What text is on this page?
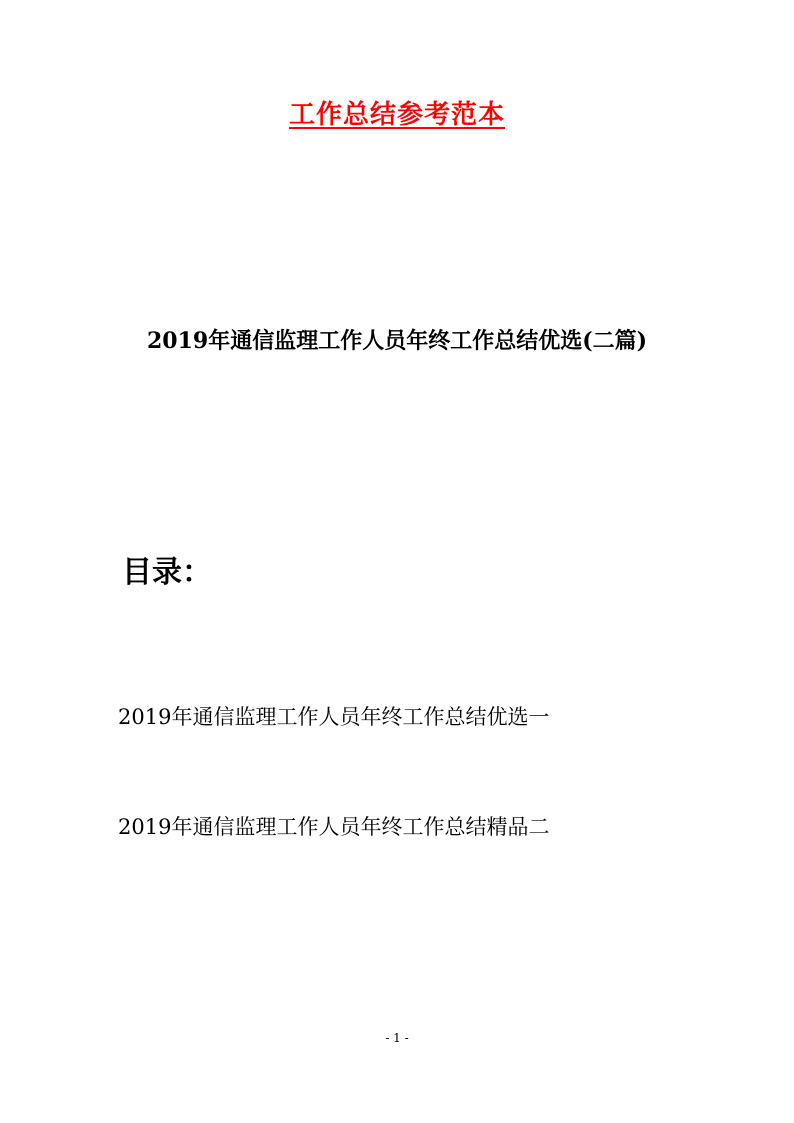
工作总结参考范本
2019年通信监理工作人员年终工作总结优选(二篇)
目录：
2019年通信监理工作人员年终工作总结优选一
2019年通信监理工作人员年终工作总结精品二
- 1 -
